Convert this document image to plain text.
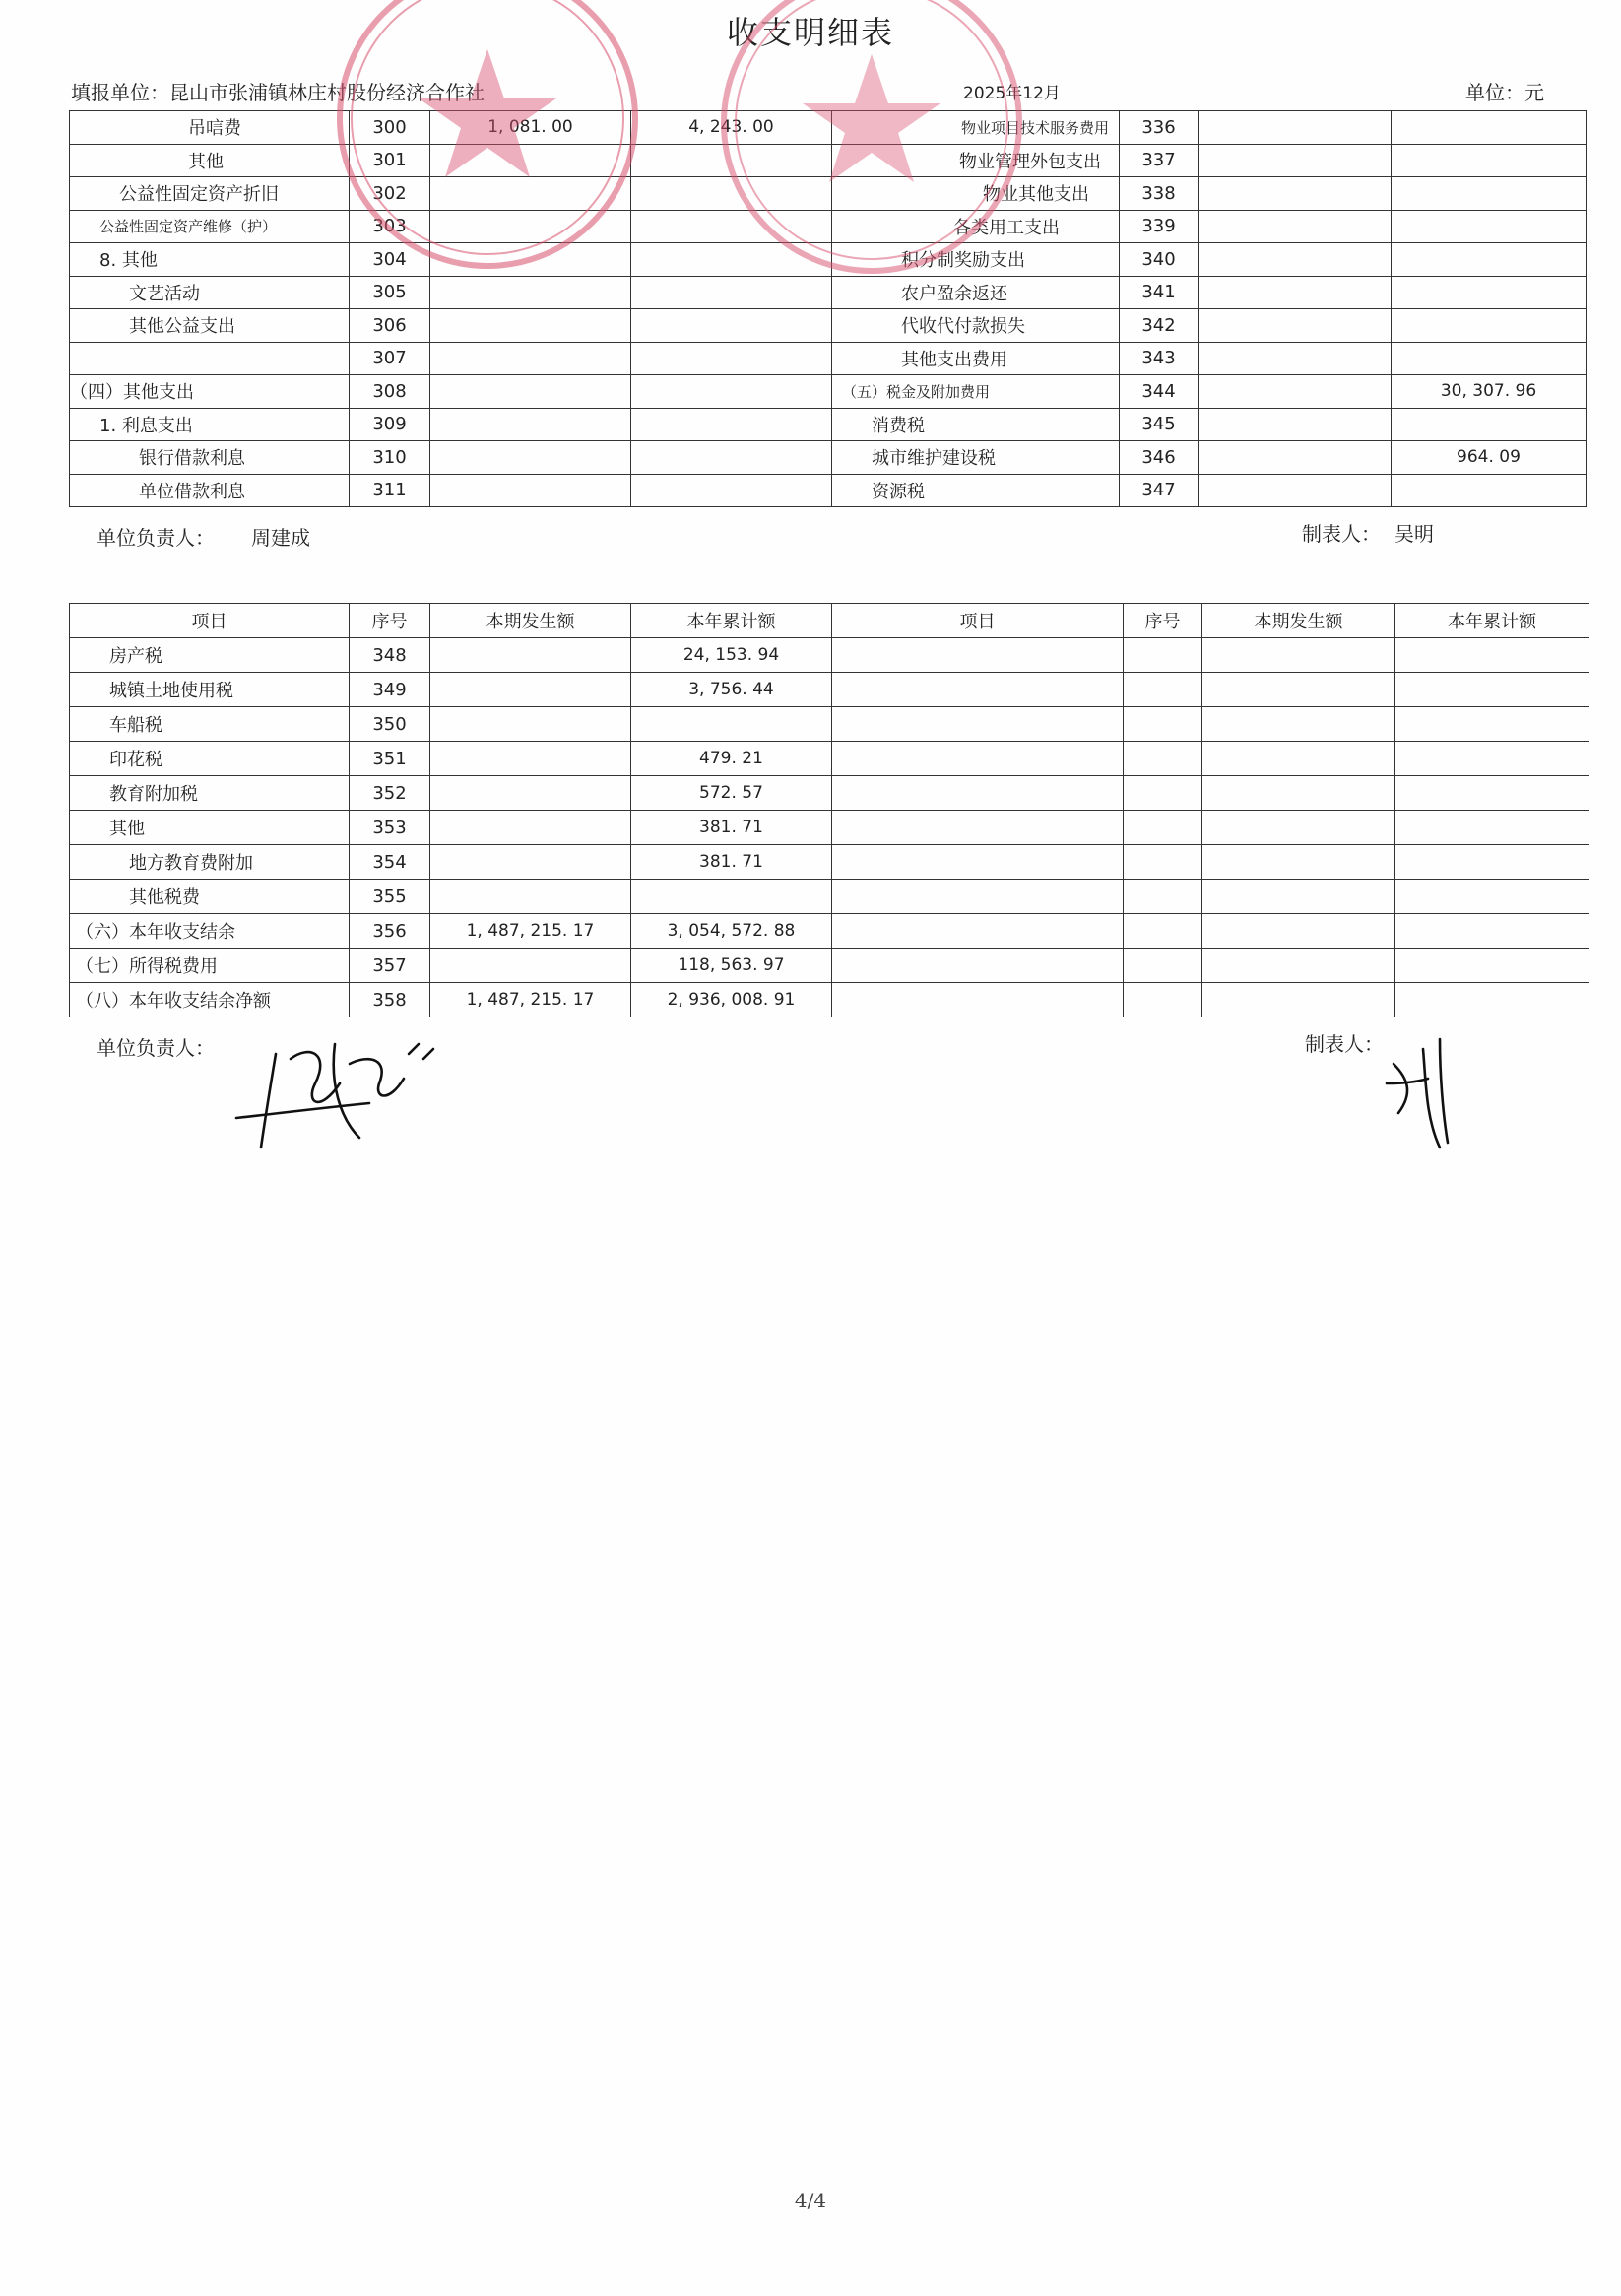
收支明细表
填报单位：昆山市张浦镇林庄村股份经济合作社	2025年12月	单位：元
吊唁费	300	1, 081. 00	4, 243. 00	物业项目技术服务费用	336		
其他	301			物业管理外包支出	337		
公益性固定资产折旧	302			物业其他支出	338		
公益性固定资产维修（护）	303			各类用工支出	339		
8. 其他	304			积分制奖励支出	340		
文艺活动	305			农户盈余返还	341		
其他公益支出	306			代收代付款损失	342		
	307			其他支出费用	343		
（四）其他支出	308			（五）税金及附加费用	344		30, 307. 96
1. 利息支出	309			消费税	345		
银行借款利息	310			城市维护建设税	346		964. 09
单位借款利息	311			资源税	347		
单位负责人： 周建成	制表人： 吴明
项目	序号	本期发生额	本年累计额	项目	序号	本期发生额	本年累计额
房产税	348		24, 153. 94				
城镇土地使用税	349		3, 756. 44				
车船税	350						
印花税	351		479. 21				
教育附加税	352		572. 57				
其他	353		381. 71				
地方教育费附加	354		381. 71				
其他税费	355						
（六）本年收支结余	356	1, 487, 215. 17	3, 054, 572. 88				
（七）所得税费用	357		118, 563. 97				
（八）本年收支结余净额	358	1, 487, 215. 17	2, 936, 008. 91				
单位负责人：	制表人：
4/4
